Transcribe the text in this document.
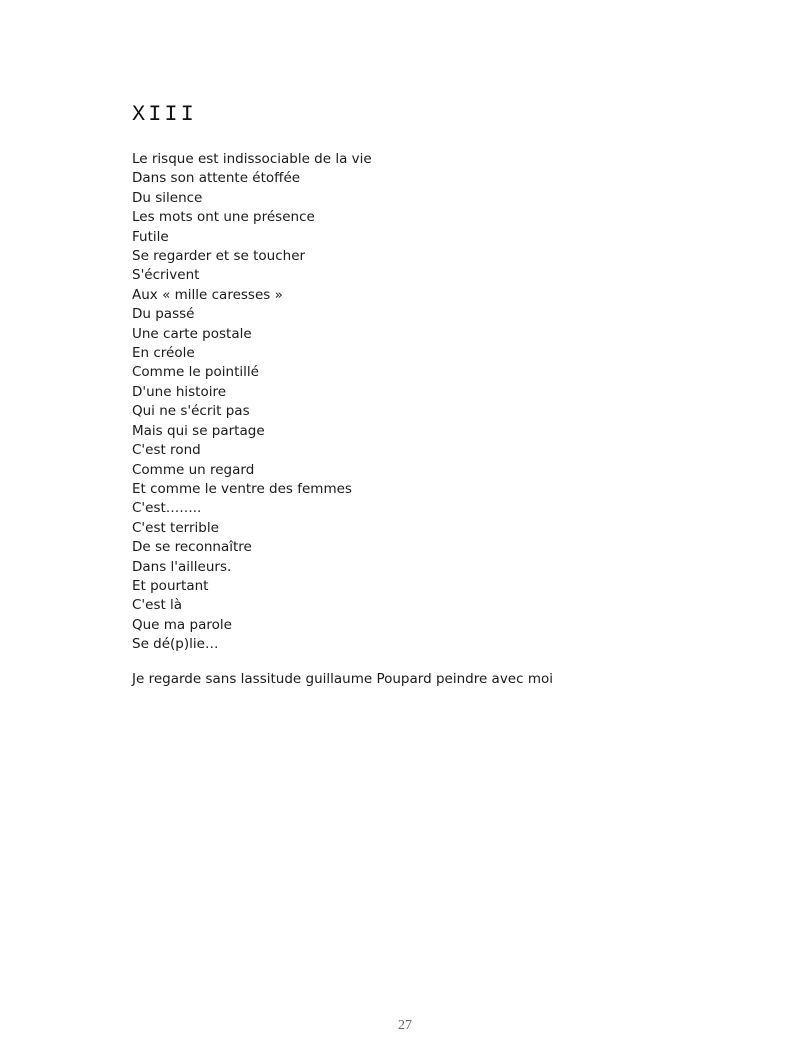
XIII
Le risque est indissociable de la vie
Dans son attente étoffée
Du silence
Les mots ont une présence
Futile
Se regarder et se toucher
S'écrivent
Aux « mille caresses »
Du passé
Une carte postale
En créole
Comme le pointillé
D'une histoire
Qui ne s'écrit pas
Mais qui se partage
C'est rond
Comme un regard
Et comme le ventre des femmes
C'est……..
C'est terrible
De se reconnaître
Dans l'ailleurs.
Et pourtant
C'est là
Que ma parole
Se dé(p)lie…

Je regarde sans lassitude guillaume Poupard peindre avec moi

27
